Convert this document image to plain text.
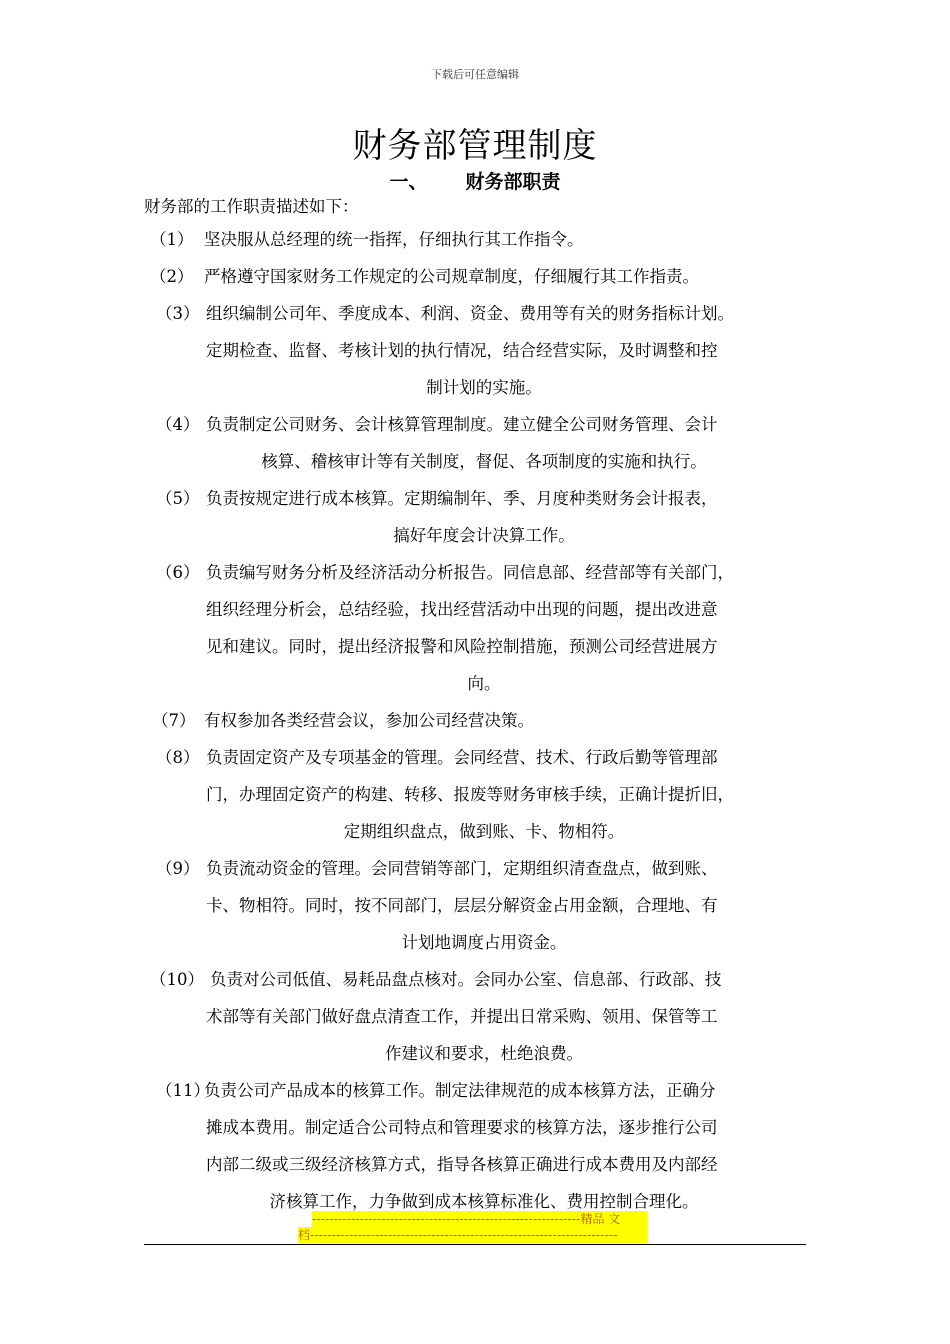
下载后可任意编辑
财务部管理制度
一、 财务部职责
财务部的工作职责描述如下：
（1） 坚决服从总经理的统一指挥，仔细执行其工作指令。
（2） 严格遵守国家财务工作规定的公司规章制度，仔细履行其工作指责。
（3） 组织编制公司年、季度成本、利润、资金、费用等有关的财务指标计划。
定期检查、监督、考核计划的执行情况，结合经营实际，及时调整和控
制计划的实施。
（4） 负责制定公司财务、会计核算管理制度。建立健全公司财务管理、会计
核算、稽核审计等有关制度，督促、各项制度的实施和执行。
（5） 负责按规定进行成本核算。定期编制年、季、月度种类财务会计报表，
搞好年度会计决算工作。
（6） 负责编写财务分析及经济活动分析报告。同信息部、经营部等有关部门，
组织经理分析会，总结经验，找出经营活动中出现的问题，提出改进意
见和建议。同时，提出经济报警和风险控制措施，预测公司经营进展方
向。
（7） 有权参加各类经营会议，参加公司经营决策。
（8） 负责固定资产及专项基金的管理。会同经营、技术、行政后勤等管理部
门，办理固定资产的构建、转移、报废等财务审核手续，正确计提折旧，
定期组织盘点，做到账、卡、物相符。
（9） 负责流动资金的管理。会同营销等部门，定期组织清查盘点，做到账、
卡、物相符。同时，按不同部门，层层分解资金占用金额，合理地、有
计划地调度占用资金。
（10） 负责对公司低值、易耗品盘点核对。会同办公室、信息部、行政部、技
术部等有关部门做好盘点清查工作，并提出日常采购、领用、保管等工
作建议和要求，杜绝浪费。
（11）负责公司产品成本的核算工作。制定法律规范的成本核算方法，正确分
摊成本费用。制定适合公司特点和管理要求的核算方法，逐步推行公司
内部二级或三级经济核算方式，指导各核算正确进行成本费用及内部经
济核算工作，力争做到成本核算标准化、费用控制合理化。
--------------------------------------------------------------精品 文
档-----------------------------------------------------------------------
